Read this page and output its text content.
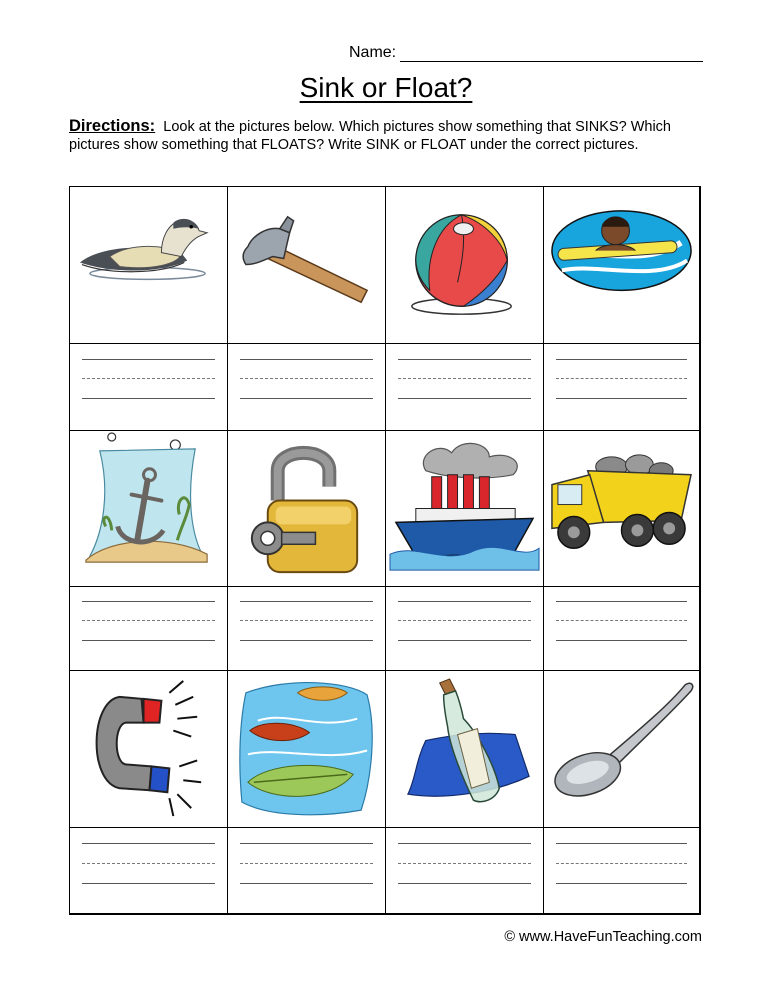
Name:
Sink or Float?
Directions: Look at the pictures below. Which pictures show something that SINKS? Which pictures show something that FLOATS? Write SINK or FLOAT under the correct pictures.
© www.HaveFunTeaching.com
